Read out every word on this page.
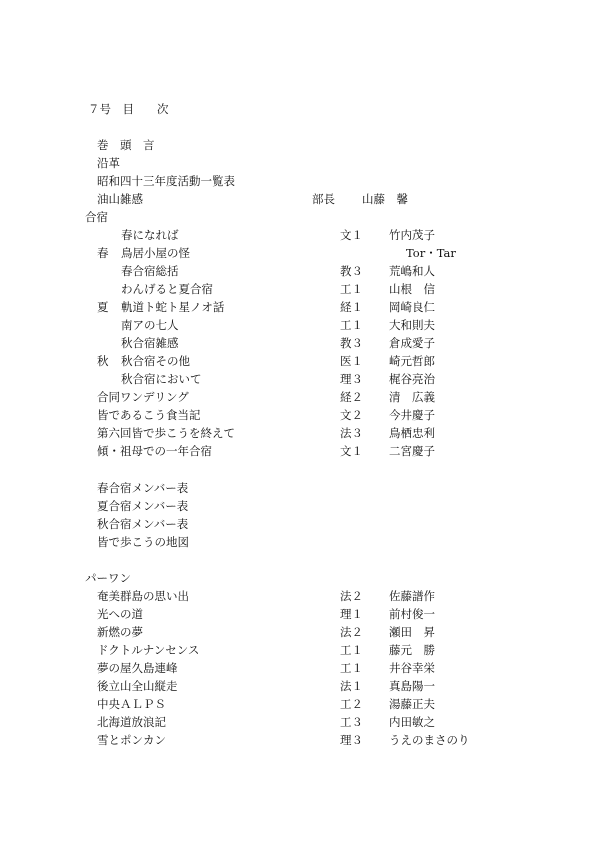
７号　目　　次
巻　頭　言
沿革
昭和四十三年度活動一覧表
油山雑感	部長 山藤　馨
合宿
春になれば	文１ 竹内茂子
春 鳥居小屋の怪	Tor・Tar
春合宿総括	教３ 荒嶋和人
わんげると夏合宿	工１ 山根　信
夏 軌道ト蛇ト星ノオ話	経１ 岡崎良仁
南アの七人	工１ 大和則夫
秋合宿雑感	教３ 倉成愛子
秋 秋合宿その他	医１ 崎元哲郎
秋合宿において	理３ 梶谷亮治
合同ワンデリング	経２ 清　広義
皆であるこう食当記	文２ 今井慶子
第六回皆で歩こうを終えて	法３ 鳥栖忠利
傾・祖母での一年合宿	文１ 二宮慶子
春合宿メンバー表
夏合宿メンバー表
秋合宿メンバー表
皆で歩こうの地図
パーワン
奄美群島の思い出	法２ 佐藤譜作
光への道	理１ 前村俊一
新燃の夢	法２ 瀬田　昇
ドクトルナンセンス	工１ 藤元　勝
夢の屋久島連峰	工１ 井谷幸栄
後立山全山縦走	法１ 真島陽一
中央ＡＬＰＳ	工２ 湯藤正夫
北海道放浪記	工３ 内田敏之
雪とポンカン	理３ うえのまさのり
